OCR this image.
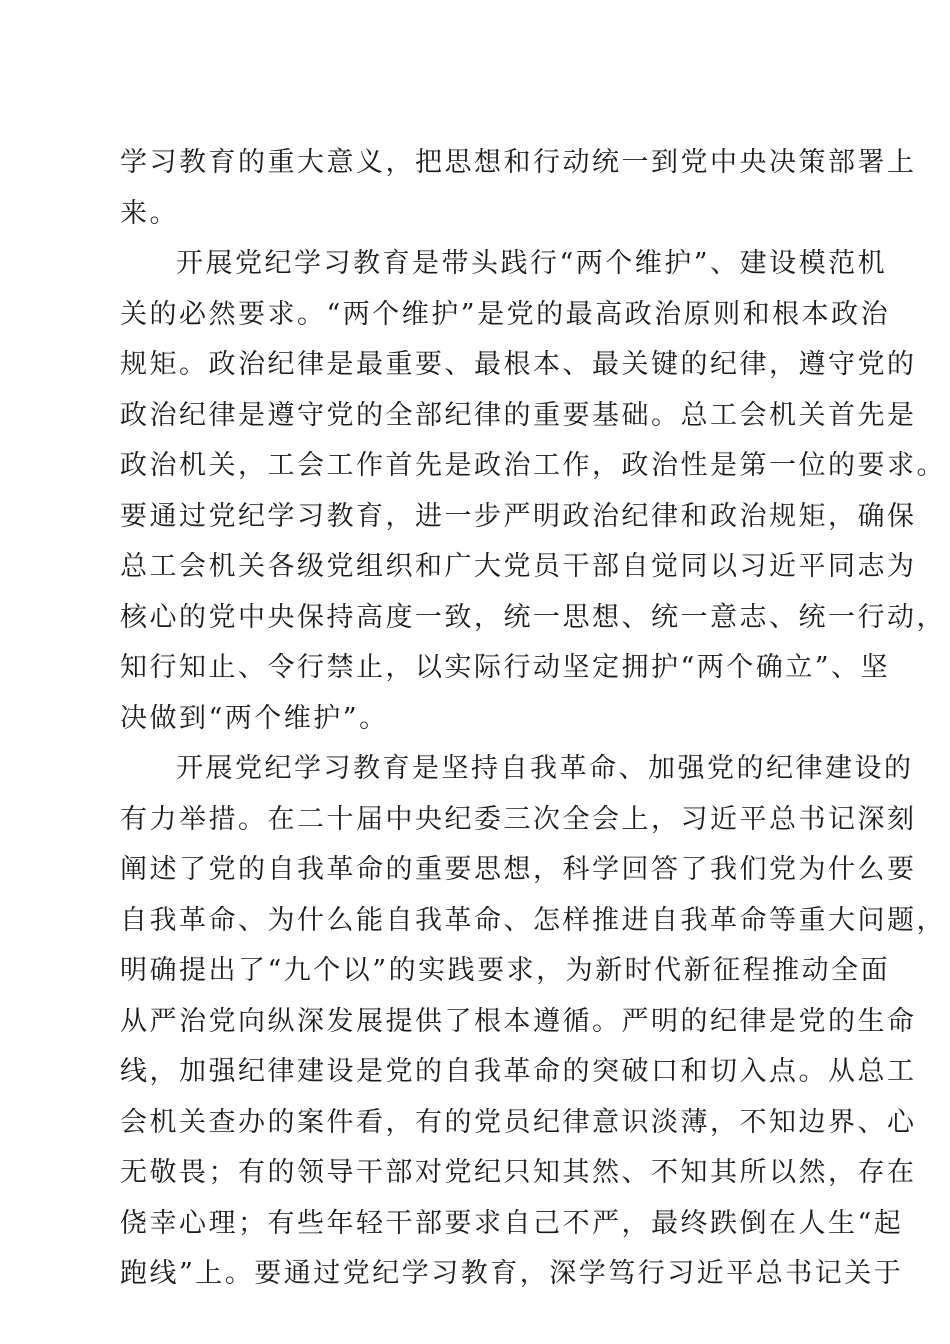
学习教育的重大意义，把思想和行动统一到党中央决策部署上
来。
开展党纪学习教育是带头践行“两个维护”、建设模范机
关的必然要求。“两个维护”是党的最高政治原则和根本政治
规矩。政治纪律是最重要、最根本、最关键的纪律，遵守党的
政治纪律是遵守党的全部纪律的重要基础。总工会机关首先是
政治机关，工会工作首先是政治工作，政治性是第一位的要求。
要通过党纪学习教育，进一步严明政治纪律和政治规矩，确保
总工会机关各级党组织和广大党员干部自觉同以习近平同志为
核心的党中央保持高度一致，统一思想、统一意志、统一行动，
知行知止、令行禁止，以实际行动坚定拥护“两个确立”、坚
决做到“两个维护”。
开展党纪学习教育是坚持自我革命、加强党的纪律建设的
有力举措。在二十届中央纪委三次全会上，习近平总书记深刻
阐述了党的自我革命的重要思想，科学回答了我们党为什么要
自我革命、为什么能自我革命、怎样推进自我革命等重大问题，
明确提出了“九个以”的实践要求，为新时代新征程推动全面
从严治党向纵深发展提供了根本遵循。严明的纪律是党的生命
线，加强纪律建设是党的自我革命的突破口和切入点。从总工
会机关查办的案件看，有的党员纪律意识淡薄，不知边界、心
无敬畏；有的领导干部对党纪只知其然、不知其所以然，存在
侥幸心理；有些年轻干部要求自己不严，最终跌倒在人生“起
跑线”上。要通过党纪学习教育，深学笃行习近平总书记关于
